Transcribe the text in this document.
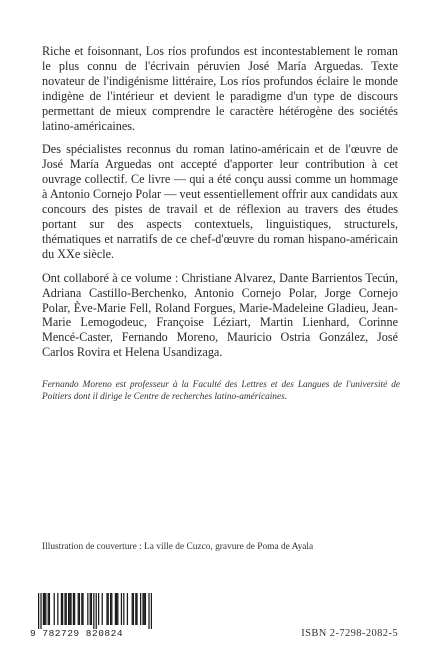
Riche et foisonnant, Los ríos profundos est incontestablement le roman le plus connu de l'écrivain péruvien José María Arguedas. Texte novateur de l'indigénisme littéraire, Los ríos profundos éclaire le monde indigène de l'intérieur et devient le paradigme d'un type de discours permettant de mieux comprendre le caractère hétérogène des sociétés latino-américaines.

Des spécialistes reconnus du roman latino-américain et de l'œuvre de José María Arguedas ont accepté d'apporter leur contribution à cet ouvrage collectif. Ce livre — qui a été conçu aussi comme un hommage à Antonio Cornejo Polar — veut essentiellement offrir aux candidats aux concours des pistes de travail et de réflexion au travers des études portant sur des aspects contextuels, linguistiques, structurels, thématiques et narratifs de ce chef-d'œuvre du roman hispano-américain du XXe siècle.

Ont collaboré à ce volume : Christiane Alvarez, Dante Barrientos Tecún, Adriana Castillo-Berchenko, Antonio Cornejo Polar, Jorge Cornejo Polar, Ève-Marie Fell, Roland Forgues, Marie-Madeleine Gladieu, Jean-Marie Lemogodeuc, Françoise Léziart, Martin Lienhard, Corinne Mencé-Caster, Fernando Moreno, Mauricio Ostria González, José Carlos Rovira et Helena Usandizaga.

Fernando Moreno est professeur à la Faculté des Lettres et des Langues de l'université de Poitiers dont il dirige le Centre de recherches latino-américaines.
Illustration de couverture : La ville de Cuzco, gravure de Poma de Ayala
9 782729 820824	ISBN 2-7298-2082-5
